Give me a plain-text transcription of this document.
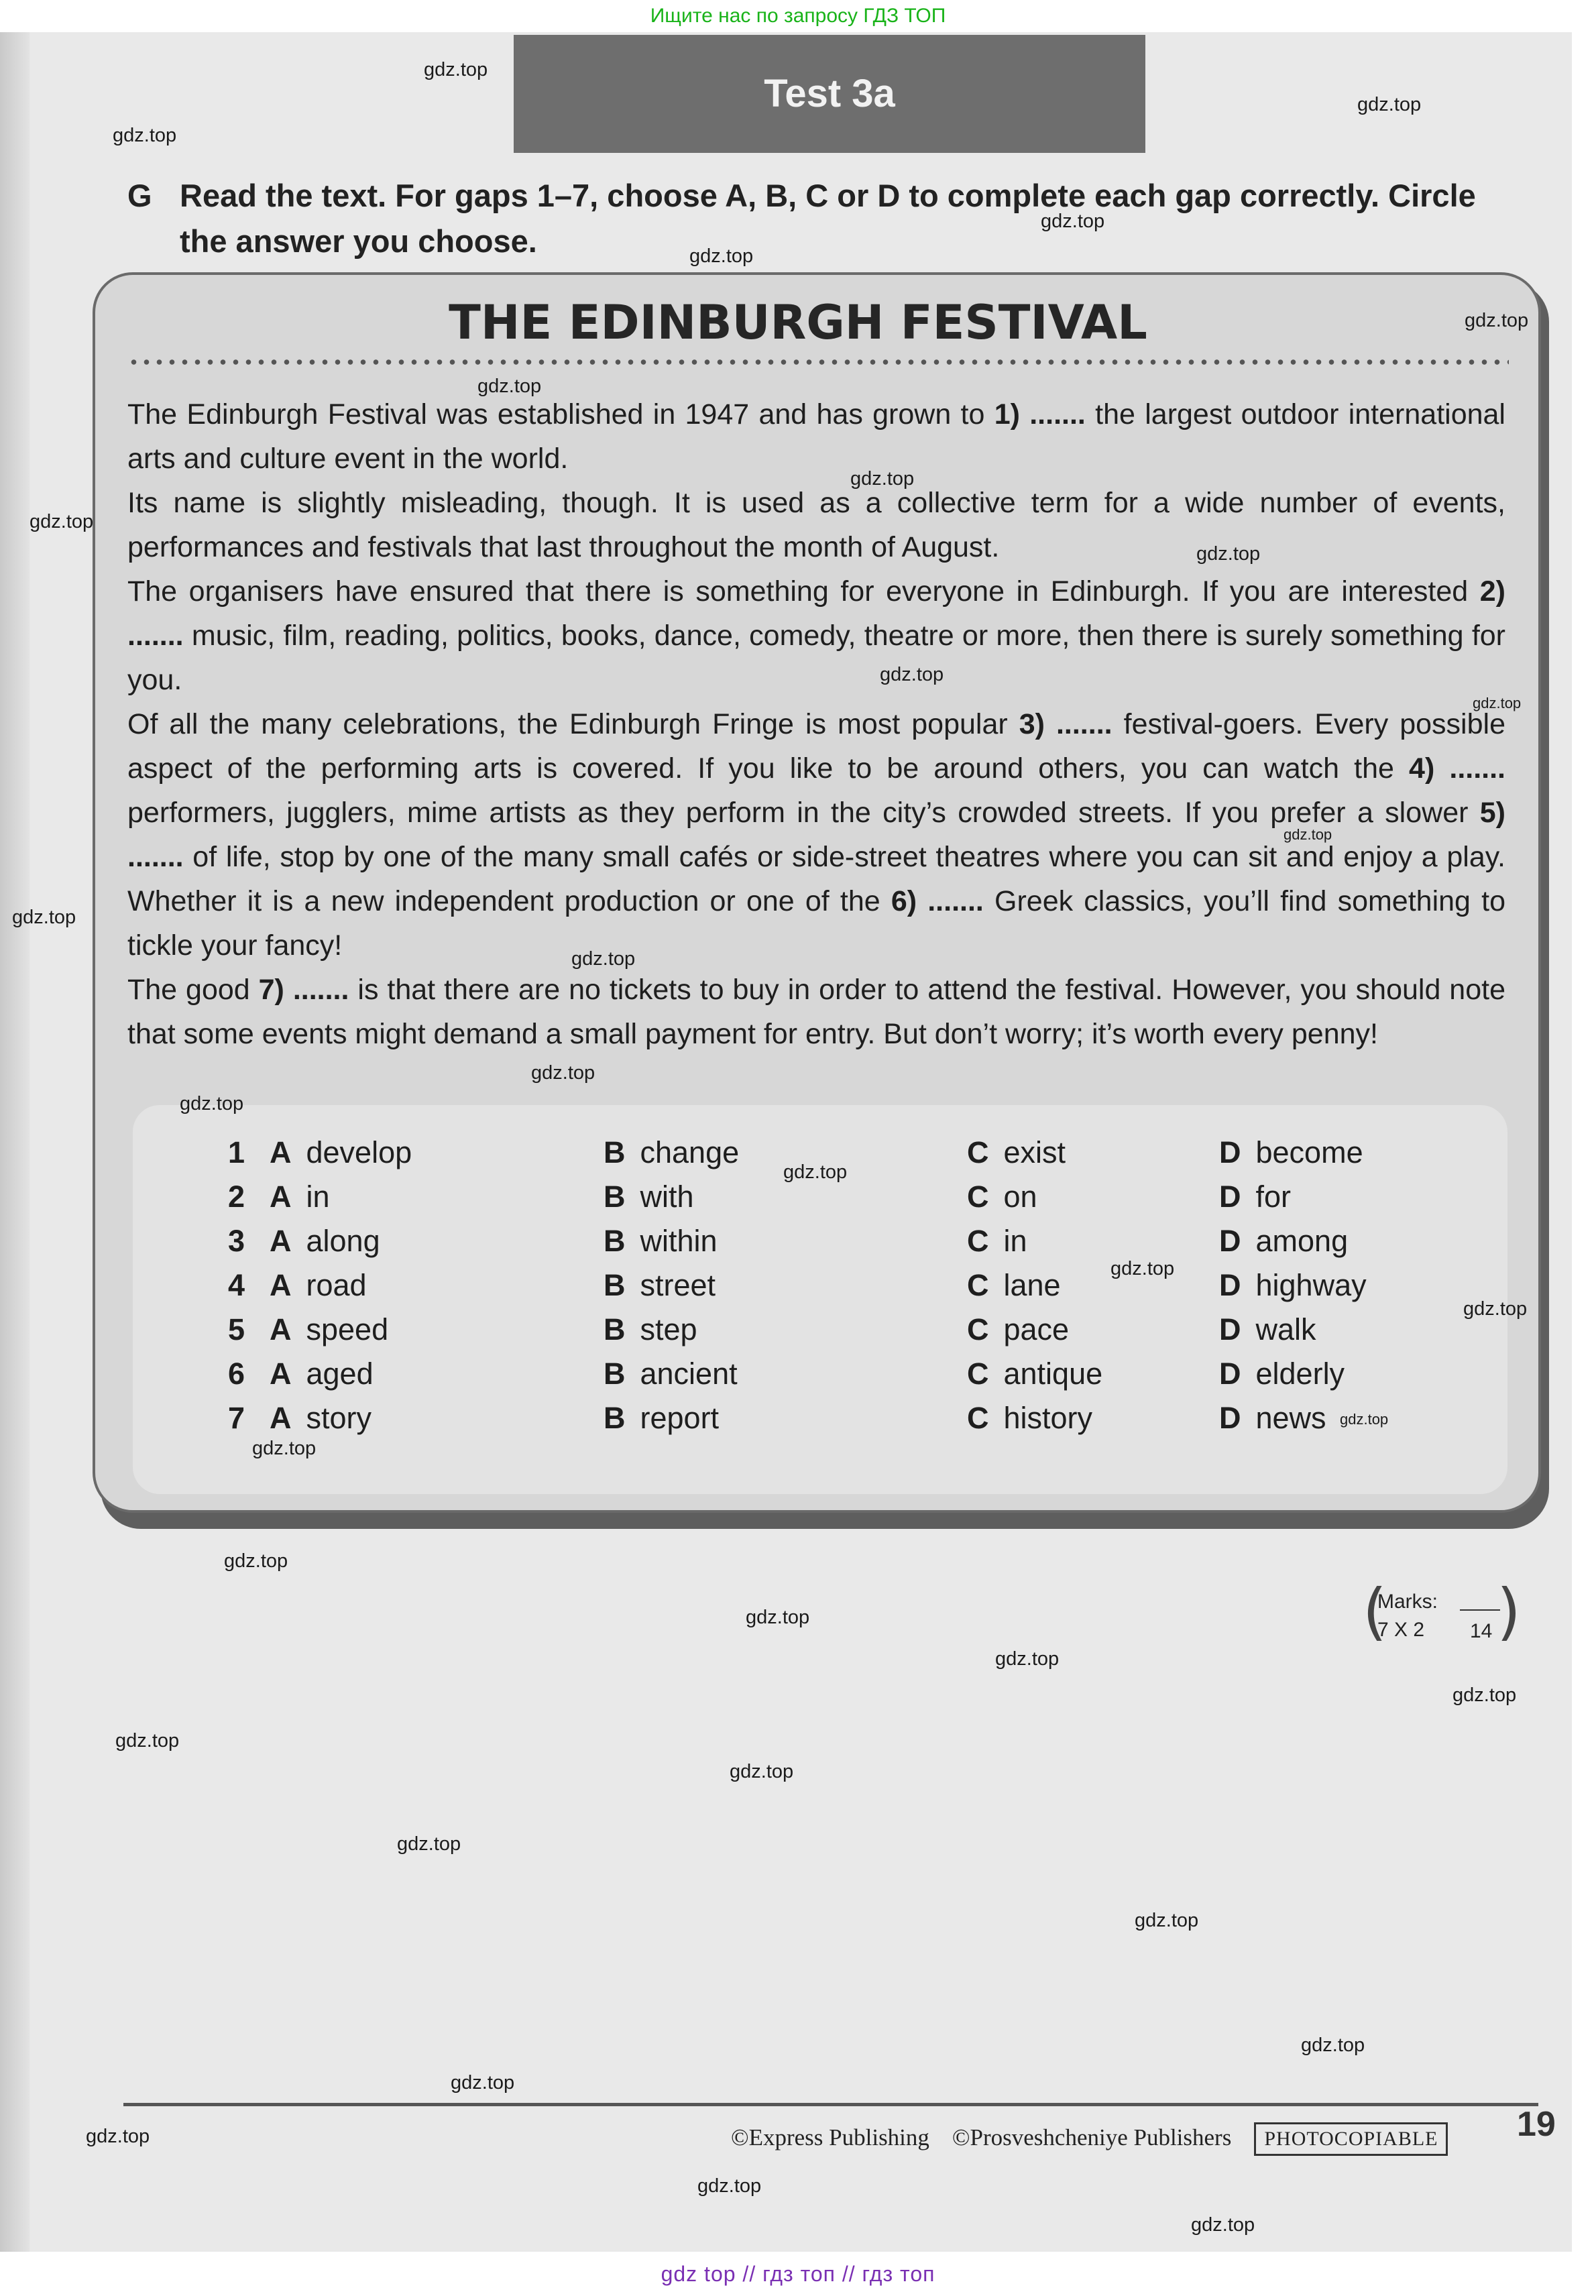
Ищите нас по запросу ГДЗ ТОП
Test 3a
G Read the text. For gaps 1–7, choose A, B, C or D to complete each gap correctly. Circle the answer you choose.
THE EDINBURGH FESTIVAL

The Edinburgh Festival was established in 1947 and has grown to 1) ....... the largest outdoor international arts and culture event in the world.

Its name is slightly misleading, though. It is used as a collective term for a wide number of events, performances and festivals that last throughout the month of August.

The organisers have ensured that there is something for everyone in Edinburgh. If you are interested 2) ....... music, film, reading, politics, books, dance, comedy, theatre or more, then there is surely something for you.

Of all the many celebrations, the Edinburgh Fringe is most popular 3) ....... festival-goers. Every possible aspect of the performing arts is covered. If you like to be around others, you can watch the 4) ....... performers, jugglers, mime artists as they perform in the city’s crowded streets. If you prefer a slower 5) ....... of life, stop by one of the many small cafés or side-street theatres where you can sit and enjoy a play. Whether it is a new independent production or one of the 6) ....... Greek classics, you’ll find something to tickle your fancy!

The good 7) ....... is that there are no tickets to buy in order to attend the festival. However, you should note that some events might demand a small payment for entry. But don’t worry; it’s worth every penny!

1 A develop	B change	C exist	D become
2 A in	B with	C on	D for
3 A along	B within	C in	D among
4 A road	B street	C lane	D highway
5 A speed	B step	C pace	D walk
6 A aged	B ancient	C antique	D elderly
7 A story	B report	C history	D news
(
Marks:
7 X 2 14 )
©Express Publishing ©Prosveshcheniye Publishers PHOTOCOPIABLE	19
gdz.top
gdz.top
gdz.top
gdz.top
gdz.top
gdz.top
gdz.top
gdz.top
gdz.top
gdz.top
gdz.top
gdz.top
gdz.top
gdz.top
gdz.top
gdz.top
gdz.top
gdz.top
gdz.top
gdz.top
gdz.top
gdz.top
gdz.top
gdz.top
gdz.top
gdz.top
gdz.top
gdz.top
gdz.top
gdz.top
gdz.top
gdz.top
gdz.top
gdz.top
gdz.top
gdz top // гдз топ // гдз топ
